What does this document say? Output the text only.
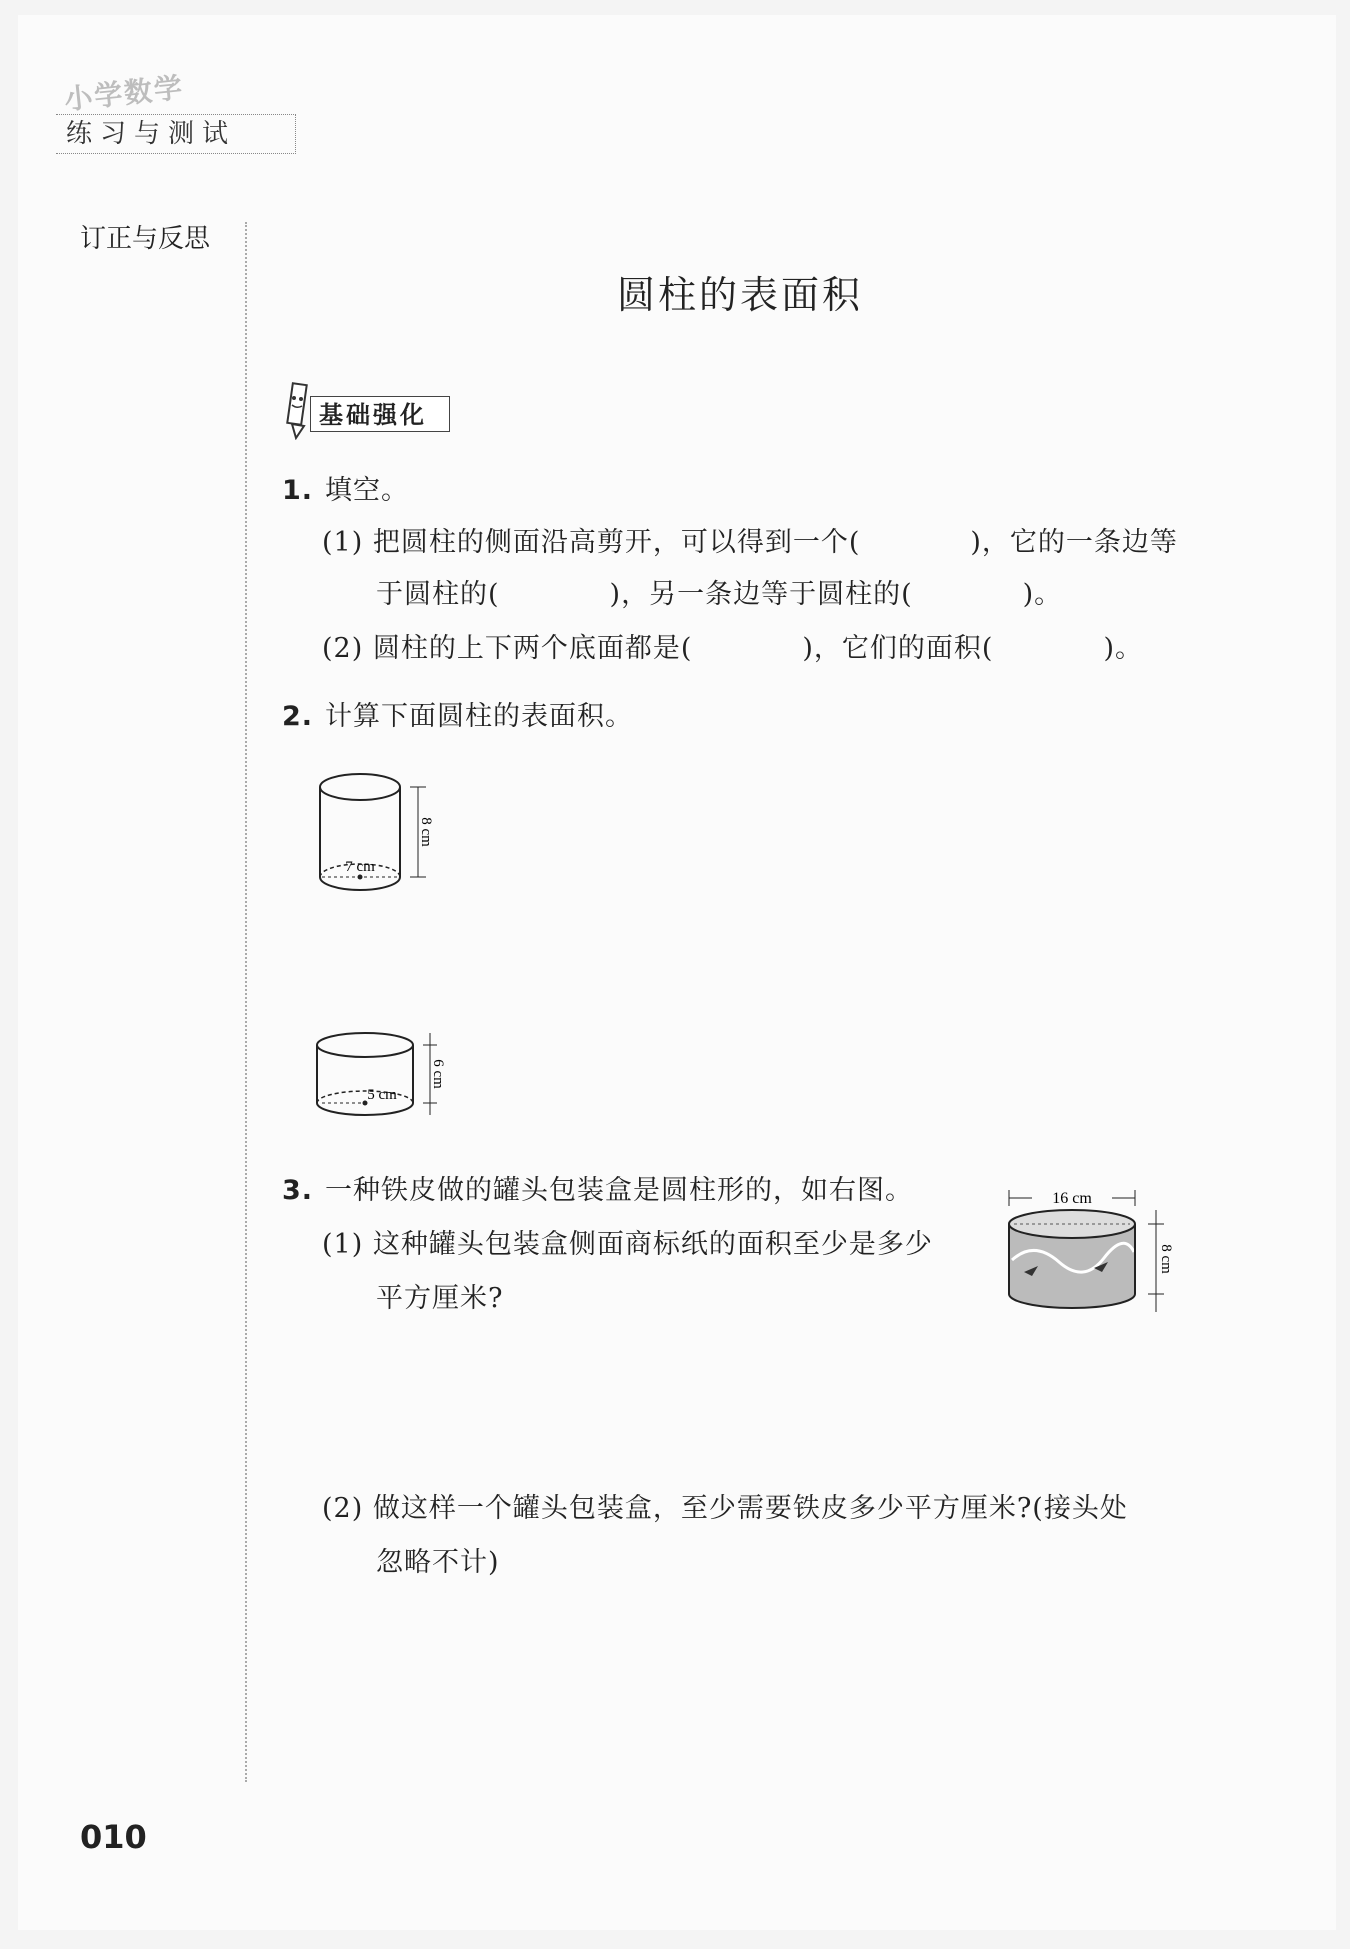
小学数学
练习与测试
订正与反思
圆柱的表面积
基础强化
1. 填空。
(1) 把圆柱的侧面沿高剪开，可以得到一个(	)，它的一条边等
于圆柱的(	)，另一条边等于圆柱的(	)。
(2) 圆柱的上下两个底面都是(	)，它们的面积(	)。
2. 计算下面圆柱的表面积。
7 cm
8 cm
5 cm
6 cm
3. 一种铁皮做的罐头包装盒是圆柱形的，如右图。
(1) 这种罐头包装盒侧面商标纸的面积至少是多少
平方厘米?
16 cm
8 cm
(2) 做这样一个罐头包装盒，至少需要铁皮多少平方厘米?(接头处
忽略不计)
010
